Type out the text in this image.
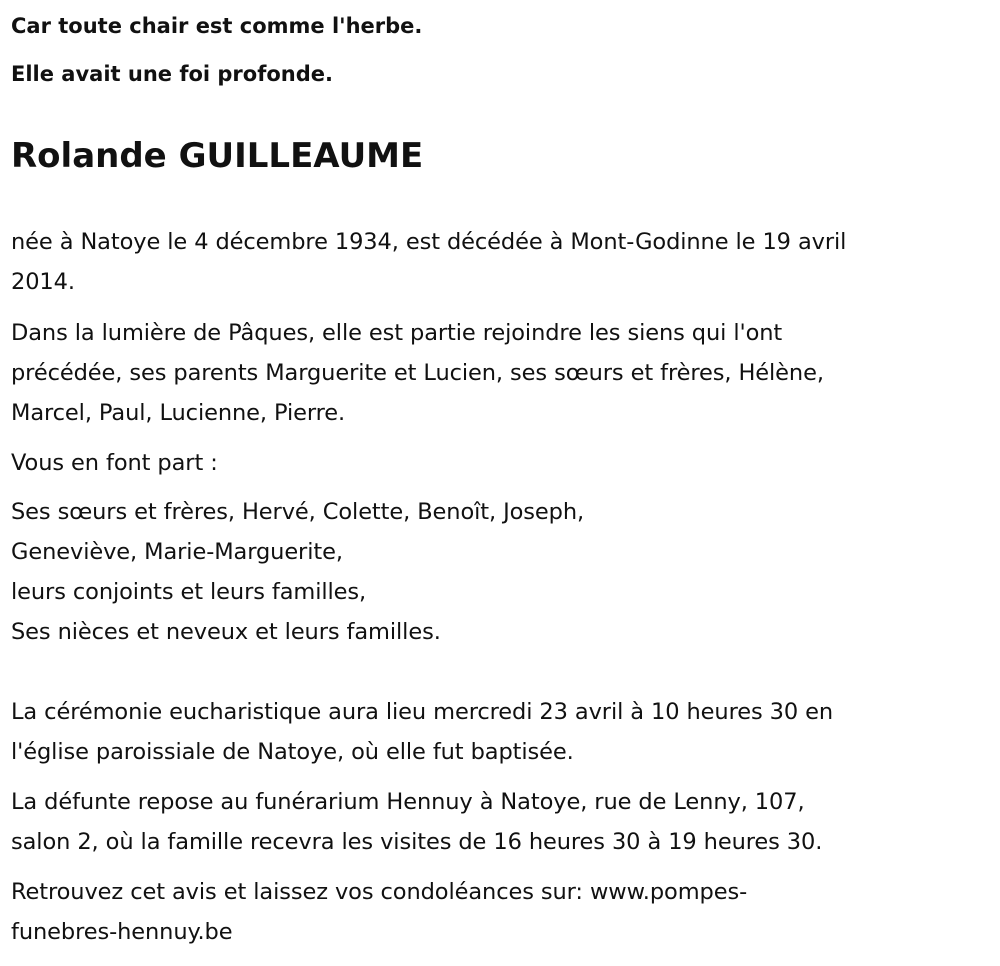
Car toute chair est comme l'herbe.
Elle avait une foi profonde.
Rolande GUILLEAUME
née à Natoye le 4 décembre 1934, est décédée à Mont-Godinne le 19 avril
2014.
Dans la lumière de Pâques, elle est partie rejoindre les siens qui l'ont
précédée, ses parents Marguerite et Lucien, ses sœurs et frères, Hélène,
Marcel, Paul, Lucienne, Pierre.
Vous en font part :
Ses sœurs et frères, Hervé, Colette, Benoît, Joseph,
Geneviève, Marie-Marguerite,
leurs conjoints et leurs familles,
Ses nièces et neveux et leurs familles.
La cérémonie eucharistique aura lieu mercredi 23 avril à 10 heures 30 en
l'église paroissiale de Natoye, où elle fut baptisée.
La défunte repose au funérarium Hennuy à Natoye, rue de Lenny, 107,
salon 2, où la famille recevra les visites de 16 heures 30 à 19 heures 30.
Retrouvez cet avis et laissez vos condoléances sur: www.pompes-
funebres-hennuy.be
